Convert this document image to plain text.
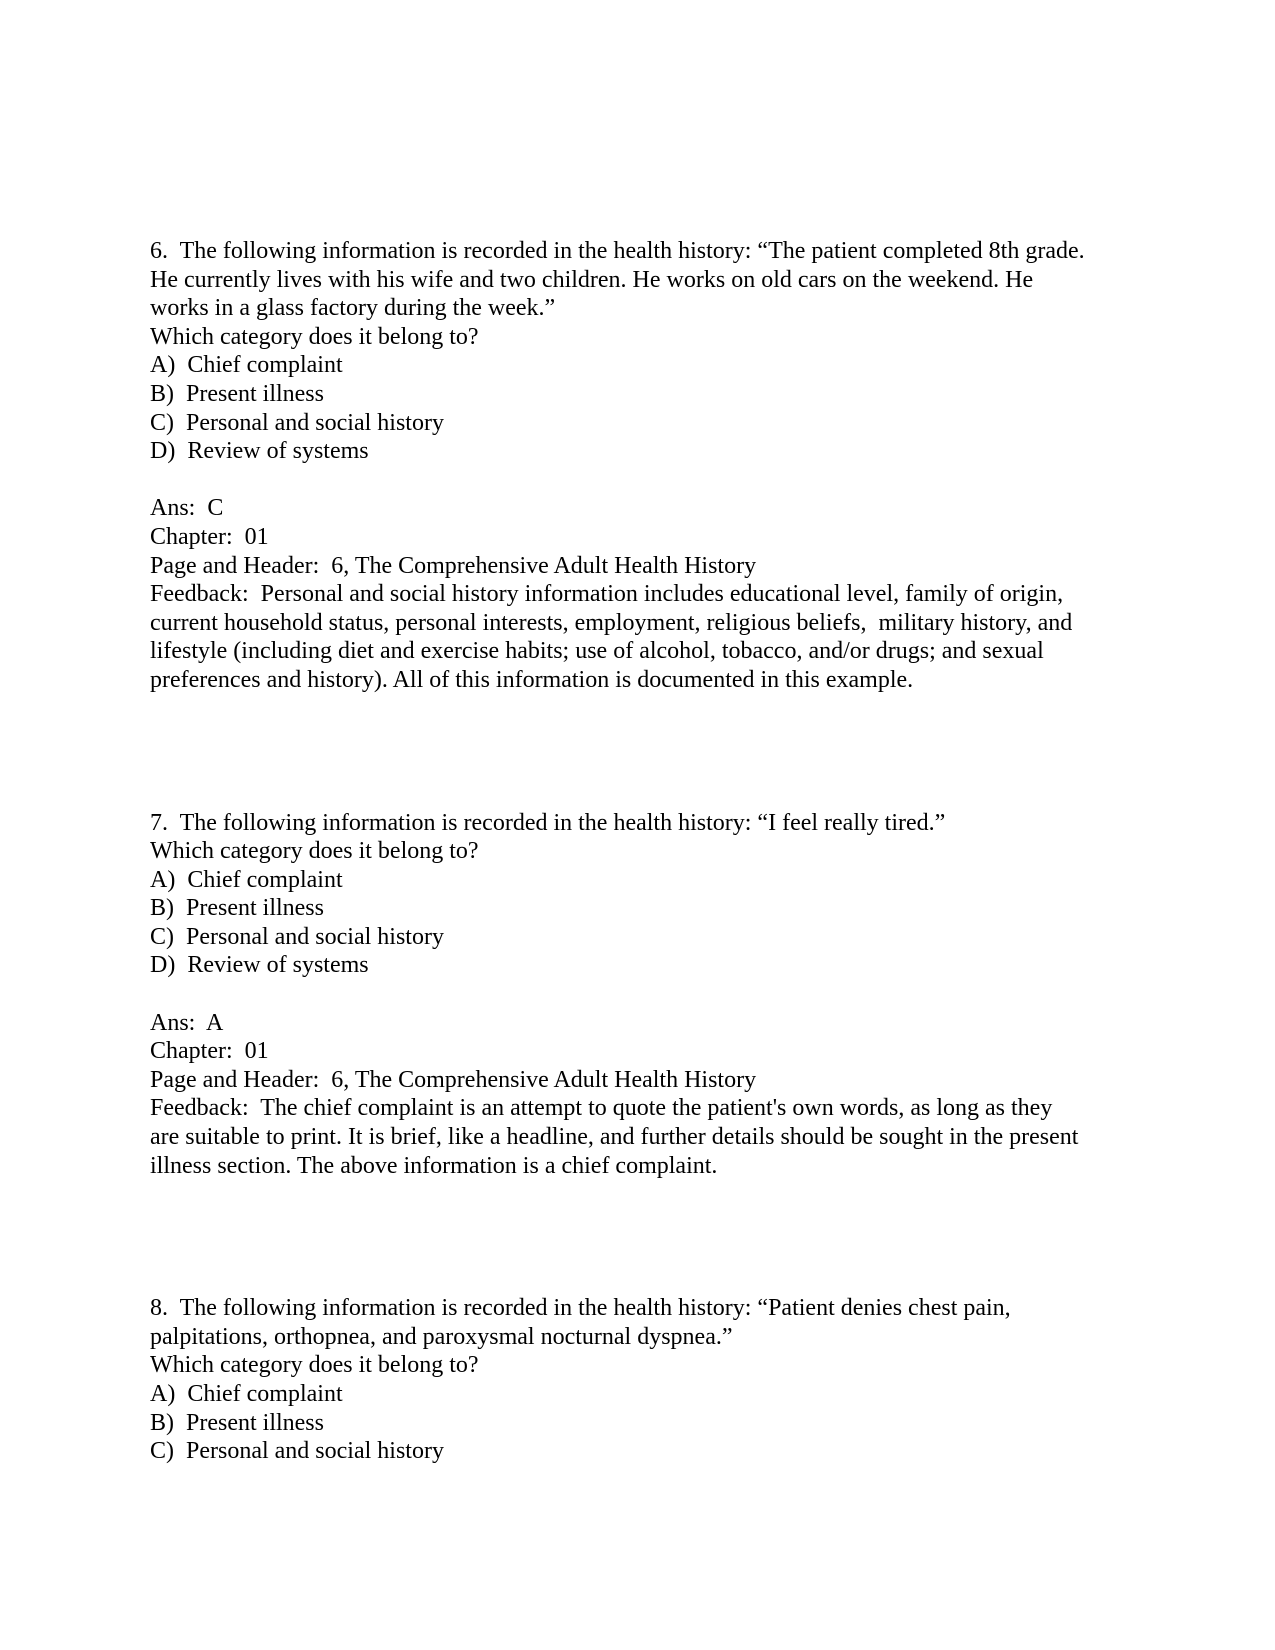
6.  The following information is recorded in the health history: “The patient completed 8th grade.
He currently lives with his wife and two children. He works on old cars on the weekend. He
works in a glass factory during the week.”
Which category does it belong to?
A)  Chief complaint
B)  Present illness
C)  Personal and social history
D)  Review of systems
Ans:  C
Chapter:  01
Page and Header:  6, The Comprehensive Adult Health History
Feedback:  Personal and social history information includes educational level, family of origin,
current household status, personal interests, employment, religious beliefs,  military history, and
lifestyle (including diet and exercise habits; use of alcohol, tobacco, and/or drugs; and sexual
preferences and history). All of this information is documented in this example.
7.  The following information is recorded in the health history: “I feel really tired.”
Which category does it belong to?
A)  Chief complaint
B)  Present illness
C)  Personal and social history
D)  Review of systems
Ans:  A
Chapter:  01
Page and Header:  6, The Comprehensive Adult Health History
Feedback:  The chief complaint is an attempt to quote the patient's own words, as long as they
are suitable to print. It is brief, like a headline, and further details should be sought in the present
illness section. The above information is a chief complaint.
8.  The following information is recorded in the health history: “Patient denies chest pain,
palpitations, orthopnea, and paroxysmal nocturnal dyspnea.”
Which category does it belong to?
A)  Chief complaint
B)  Present illness
C)  Personal and social history
